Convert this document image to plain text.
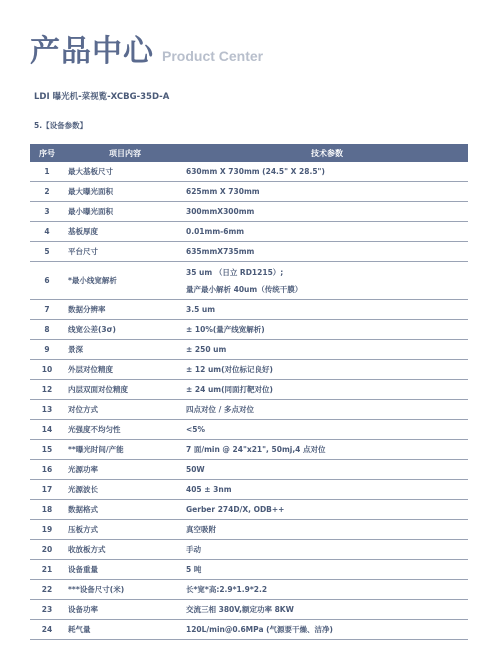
产品中心 Product Center
LDI 曝光机-菜视覧-XCBG-35D-A
5.【设备参数】
序号	项目内容	技术参数
1	最大基板尺寸	630mm X 730mm (24.5" X 28.5")
2	最大曝光面积	625mm X 730mm
3	最小曝光面积	300mmX300mm
4	基板厚度	0.01mm-6mm
5	平台尺寸	635mmX735mm
6	*最小线宽解析	35 um （日立 RD1215）;
量产最小解析 40um（传统干膜）

7	数据分辨率	3.5 um
8	线宽公差(3σ)	± 10%(量产线宽解析)
9	景深	± 250 um
10	外层对位精度	± 12 um(对位标记良好)
12	内层双面对位精度	± 24 um(同面打靶对位)
13	对位方式	四点对位 / 多点对位
14	光强度不均匀性	<5%
15	**曝光时间/产能	7 面/min @ 24"x21", 50mj,4 点对位
16	光源功率	50W
17	光源波长	405 ± 3nm
18	数据格式	Gerber 274D/X, ODB++
19	压板方式	真空吸附
20	收放板方式	手动
21	设备重量	5 吨
22	***设备尺寸(米)	长*宽*高:2.9*1.9*2.2
23	设备功率	交流三相 380V,额定功率 8KW
24	耗气量	120L/min@0.6MPa (气源要干燥、洁净)
